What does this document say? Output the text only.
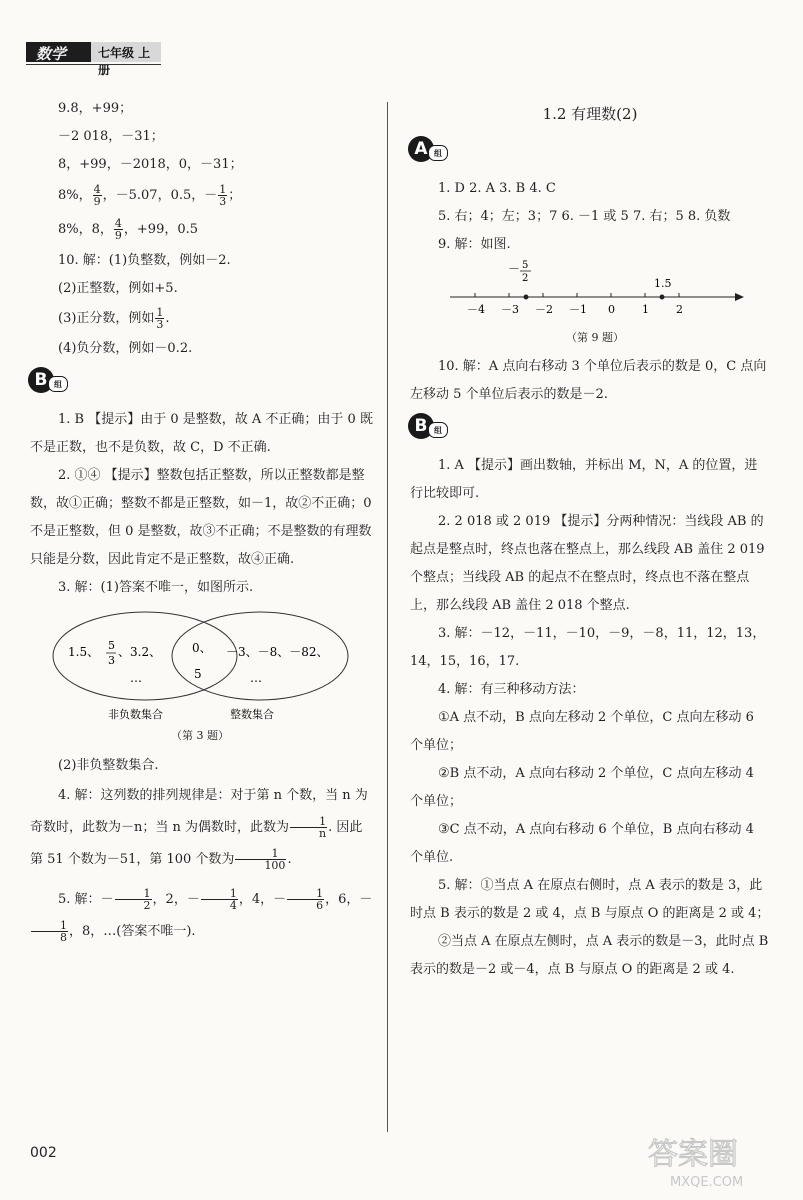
数学	七年级 上册

9.8，+99；

－2 018，－31；

8，+99，－2018，0，－31；

8%， $\frac{4}{9}$ ，－5.07，0.5，－ $\frac{1}{3}$ ；

8%，8， $\frac{4}{9}$ ，+99，0.5

10. 解：(1)负整数，例如－2.

(2)正整数，例如+5.

(3)正分数，例如 $\frac{1}{3}$ .

(4)负分数，例如－0.2.

B 组

1. B 【提示】由于 0 是整数，故 A 不正确；由于 0 既不是正数，也不是负数，故 C，D 不正确.

2. ①④ 【提示】整数包括正整数，所以正整数都是整数，故①正确；整数不都是正整数，如－1，故②不正确；0 不是正整数，但 0 是整数，故③不正确；不是整数的有理数只能是分数，因此肯定不是正整数，故④正确.

3. 解：(1)答案不唯一，如图所示.

1.5、 5
3
、3.2、
…
0、
5
－3、－8、－82、
…
非负数集合	整数集合
（第 3 题）

(2)非负整数集合.

4. 解：这列数的排列规律是：对于第 n 个数，当 n 为奇数时，此数为－n；当 n 为偶数时，此数为 $\frac{1}{n}$ . 因此第 51 个数为－51，第 100 个数为 $\frac{1}{100}$ .

5. 解：－ $\frac{1}{2}$ ，2，－ $\frac{1}{4}$ ，4，－ $\frac{1}{6}$ ，6，－
$\frac{1}{8}$ ，8，…(答案不唯一).

1.2 有理数(2)
A 组

1. D 2. A 3. B 4. C

5. 右；4；左；3；7 6. －1 或 5 7. 右；5 8. 负数

9. 解：如图.

－4 －3 －2 －1 0 1 2
1.5
－ 5
2
（第 9 题）

10. 解：A 点向右移动 3 个单位后表示的数是 0，C 点向左移动 5 个单位后表示的数是－2.

B 组

1. A 【提示】画出数轴，并标出 M，N，A 的位置，进行比较即可.

2. 2 018 或 2 019 【提示】分两种情况：当线段 AB 的起点是整点时，终点也落在整点上，那么线段 AB 盖住 2 019 个整点；当线段 AB 的起点不在整点时，终点也不落在整点上，那么线段 AB 盖住 2 018 个整点.

3. 解：－12，－11，－10，－9，－8，11，12，13，14，15，16，17.

4. 解：有三种移动方法：

①A 点不动，B 点向左移动 2 个单位，C 点向左移动 6 个单位；

②B 点不动，A 点向右移动 2 个单位，C 点向左移动 4 个单位；

③C 点不动，A 点向右移动 6 个单位，B 点向右移动 4 个单位.

5. 解：①当点 A 在原点右侧时，点 A 表示的数是 3，此时点 B 表示的数是 2 或 4，点 B 与原点 O 的距离是 2 或 4；

②当点 A 在原点左侧时，点 A 表示的数是－3，此时点 B 表示的数是－2 或－4，点 B 与原点 O 的距离是 2 或 4.

002	答案圈
MXQE.COM
